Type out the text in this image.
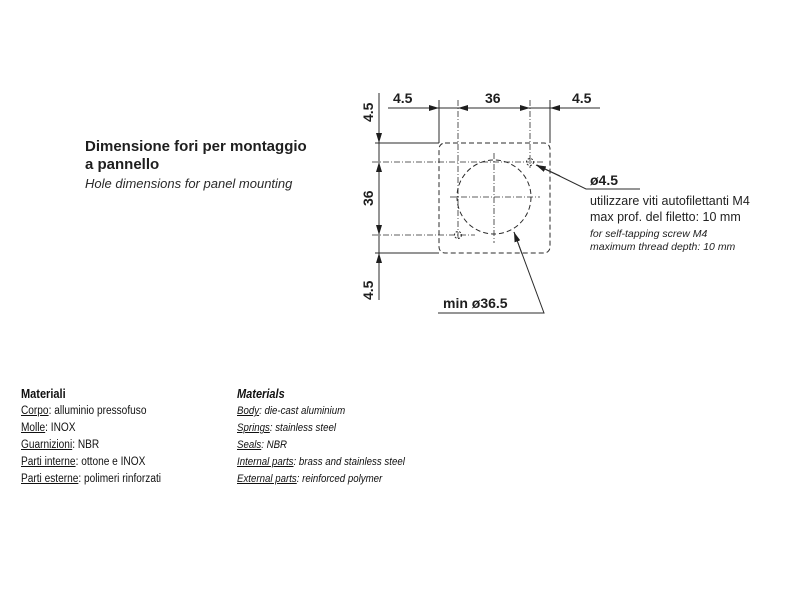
Dimensione fori per montaggio
a pannello
Hole dimensions for panel mounting
4.5	36	4.5
4.5
36
4.5
ø4.5
min ø36.5
utilizzare viti autofilettanti M4
max prof. del filetto: 10 mm
for self-tapping screw M4
maximum thread depth: 10 mm
Materiali
Corpo: alluminio pressofuso
Molle: INOX
Guarnizioni: NBR
Parti interne: ottone e INOX
Parti esterne: polimeri rinforzati
Materials
Body: die-cast aluminium
Springs: stainless steel
Seals: NBR
Internal parts: brass and stainless steel
External parts: reinforced polymer
